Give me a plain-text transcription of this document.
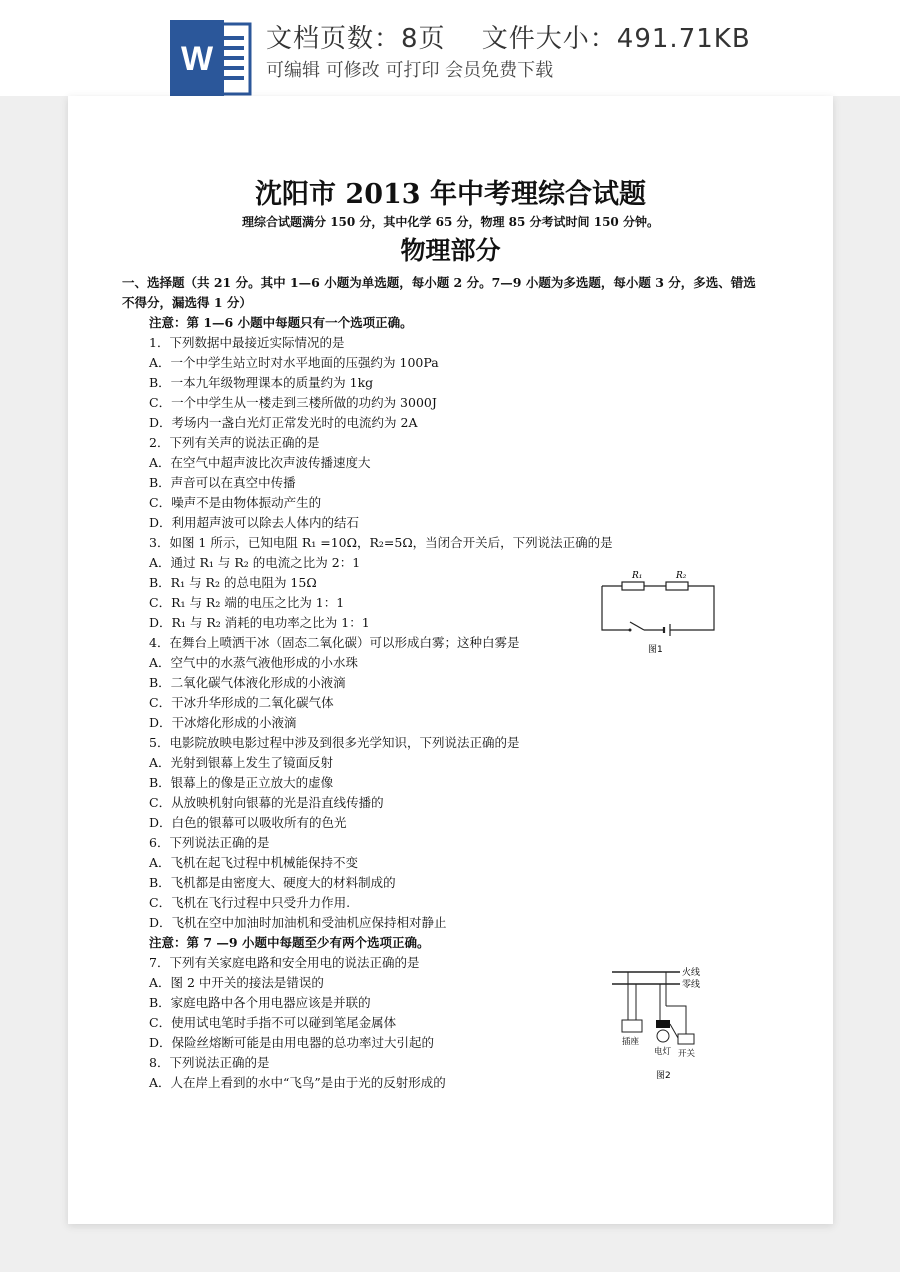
W
文档页数：8页　 文件大小：491.71KB
可编辑 可修改 可打印 会员免费下载
沈阳市 2013 年中考理综合试题
理综合试题满分 150 分，其中化学 65 分，物理 85 分考试时间 150 分钟。
物理部分
一、选择题（共 21 分。其中 1—6 小题为单选题，每小题 2 分。7—9 小题为多选题，每小题 3 分，多选、错选
不得分，漏选得 1 分）
注意：第 1—6 小题中每题只有一个选项正确。
1．下列数据中最接近实际情况的是
A．一个中学生站立时对水平地面的压强约为 100Pa
B．一本九年级物理课本的质量约为 1kg
C．一个中学生从一楼走到三楼所做的功约为 3000J
D．考场内一盏白光灯正常发光时的电流约为 2A
2．下列有关声的说法正确的是
A．在空气中超声波比次声波传播速度大
B．声音可以在真空中传播
C．噪声不是由物体振动产生的
D．利用超声波可以除去人体内的结石
3．如图 1 所示，已知电阻 R₁ =10Ω，R₂=5Ω，当闭合开关后，下列说法正确的是
A．通过 R₁ 与 R₂ 的电流之比为 2：1
B．R₁ 与 R₂ 的总电阻为 15Ω
C．R₁ 与 R₂ 端的电压之比为 1：1
D．R₁ 与 R₂ 消耗的电功率之比为 1：1
4．在舞台上喷洒干冰（固态二氧化碳）可以形成白雾；这种白雾是
A．空气中的水蒸气液他形成的小水珠
B．二氧化碳气体液化形成的小液滴
C．干冰升华形成的二氧化碳气体
D．干冰熔化形成的小液滴
5．电影院放映电影过程中涉及到很多光学知识，下列说法正确的是
A．光射到银幕上发生了镜面反射
B．银幕上的像是正立放大的虚像
C．从放映机射向银幕的光是沿直线传播的
D．白色的银幕可以吸收所有的色光
6．下列说法正确的是
A．飞机在起飞过程中机械能保持不变
B．飞机都是由密度大、硬度大的材料制成的
C．飞机在飞行过程中只受升力作用.
D．飞机在空中加油时加油机和受油机应保持相对静止
注意：第 7 —9 小题中每题至少有两个选项正确。
7．下列有关家庭电路和安全用电的说法正确的是
A．图 2 中开关的接法是错误的
B．家庭电路中各个用电器应该是并联的
C．使用试电笔时手指不可以碰到笔尾金属体
D．保险丝熔断可能是由用电器的总功率过大引起的
8．下列说法正确的是
A．人在岸上看到的水中“飞鸟”是由于光的反射形成的
R₁	R₂
图1
火线
零线
插座
电灯 开关
图2
